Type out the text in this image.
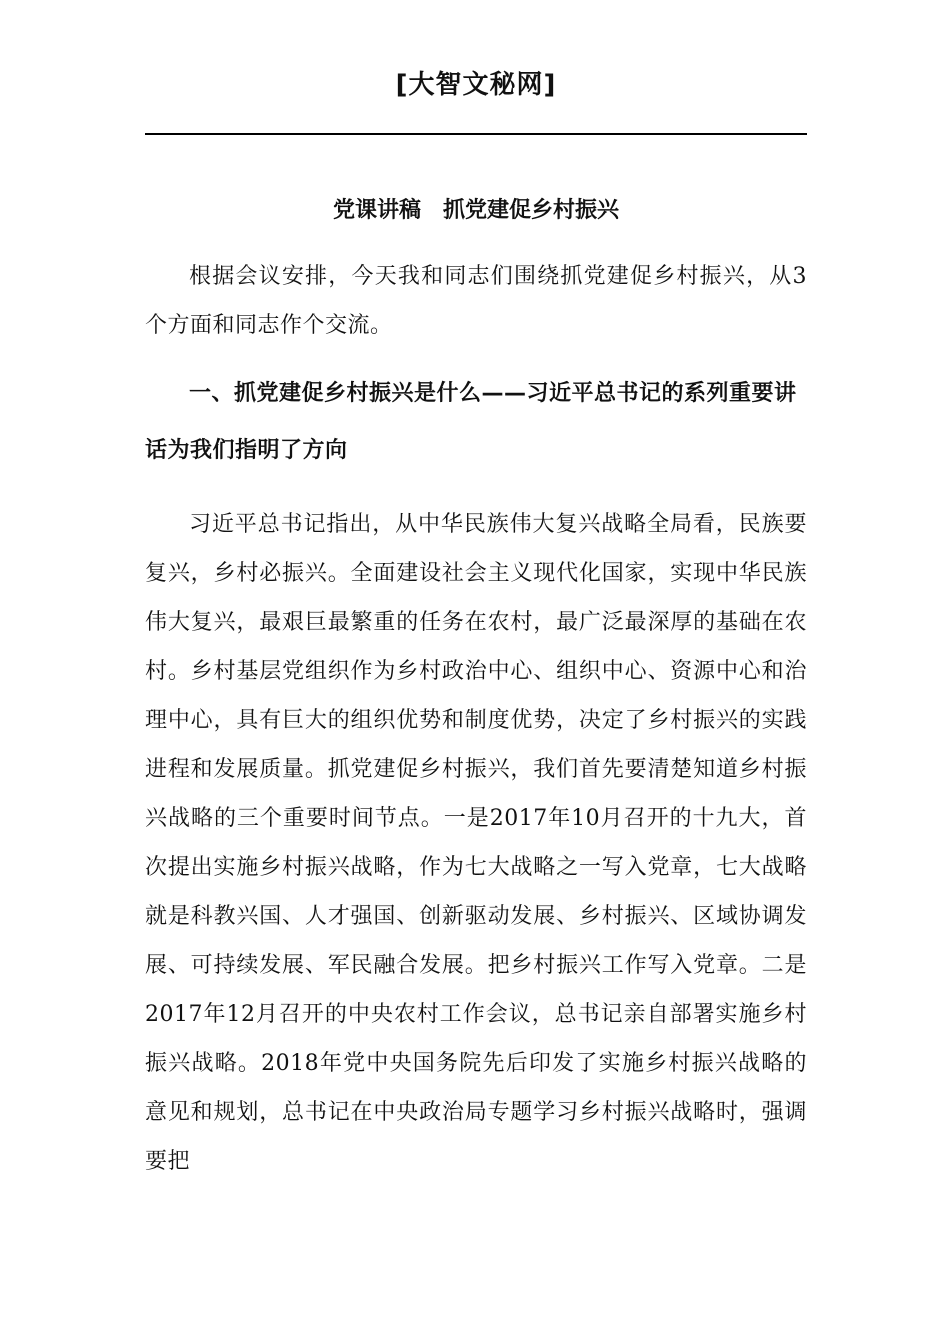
[大智文秘网]
党课讲稿　抓党建促乡村振兴

根据会议安排，今天我和同志们围绕抓党建促乡村振兴，从3个方面和同志作个交流。

一、抓党建促乡村振兴是什么——习近平总书记的系列重要讲话为我们指明了方向

习近平总书记指出，从中华民族伟大复兴战略全局看，民族要复兴，乡村必振兴。全面建设社会主义现代化国家，实现中华民族伟大复兴，最艰巨最繁重的任务在农村，最广泛最深厚的基础在农村。乡村基层党组织作为乡村政治中心、组织中心、资源中心和治理中心，具有巨大的组织优势和制度优势，决定了乡村振兴的实践进程和发展质量。抓党建促乡村振兴，我们首先要清楚知道乡村振兴战略的三个重要时间节点。一是2017年10月召开的十九大，首次提出实施乡村振兴战略，作为七大战略之一写入党章，七大战略就是科教兴国、人才强国、创新驱动发展、乡村振兴、区域协调发展、可持续发展、军民融合发展。把乡村振兴工作写入党章。二是2017年12月召开的中央农村工作会议，总书记亲自部署实施乡村振兴战略。2018年党中央国务院先后印发了实施乡村振兴战略的意见和规划，总书记在中央政治局专题学习乡村振兴战略时，强调要把
